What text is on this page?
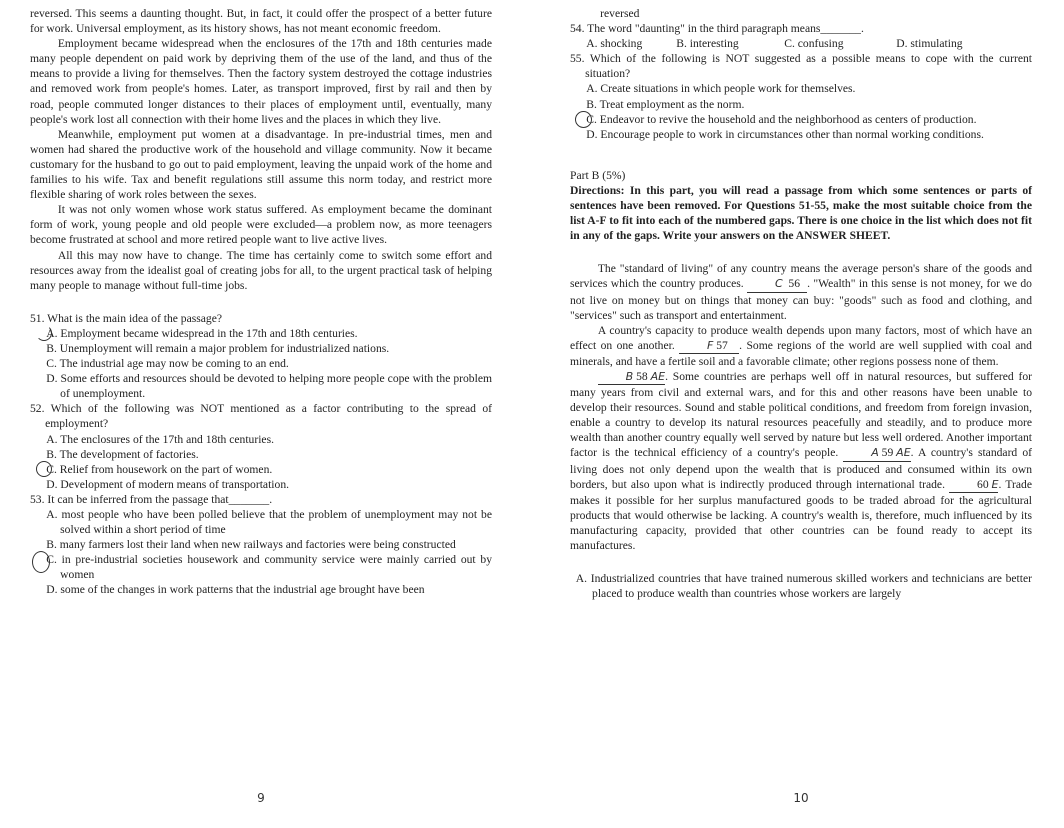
reversed. This seems a daunting thought. But, in fact, it could offer the prospect of a better future for work. Universal employment, as its history shows, has not meant economic freedom.

Employment became widespread when the enclosures of the 17th and 18th centuries made many people dependent on paid work by depriving them of the use of the land, and thus of the means to provide a living for themselves. Then the factory system destroyed the cottage industries and removed work from people's homes. Later, as transport improved, first by rail and then by road, people commuted longer distances to their places of employment until, eventually, many people's work lost all connection with their home lives and the places in which they live.

Meanwhile, employment put women at a disadvantage. In pre-industrial times, men and women had shared the productive work of the household and village community. Now it became customary for the husband to go out to paid employment, leaving the unpaid work of the home and families to his wife. Tax and benefit regulations still assume this norm today, and restrict more flexible sharing of work roles between the sexes.

It was not only women whose work status suffered. As employment became the dominant form of work, young people and old people were excluded—a problem now, as more teenagers become frustrated at school and more retired people want to live active lives.

All this may now have to change. The time has certainly come to switch some effort and resources away from the idealist goal of creating jobs for all, to the urgent practical task of helping many people to manage without full-time jobs.

51. What is the main idea of the passage?

A. Employment became widespread in the 17th and 18th centuries.

B. Unemployment will remain a major problem for industrialized nations.

C. The industrial age may now be coming to an end.

D. Some efforts and resources should be devoted to helping more people cope with the problem of unemployment.

52. Which of the following was NOT mentioned as a factor contributing to the spread of employment?

A. The enclosures of the 17th and 18th centuries.

B. The development of factories.

C. Relief from housework on the part of women.

D. Development of modern means of transportation.

53. It can be inferred from the passage that_______.

A. most people who have been polled believe that the problem of unemployment may not be solved within a short period of time

B. many farmers lost their land when new railways and factories were being constructed

C. in pre-industrial societies housework and community service were mainly carried out by women

D. some of the changes in work patterns that the industrial age brought have been

9

reversed

54. The word "daunting" in the third paragraph means_______.

A. shocking	B. interesting	C. confusing	D. stimulating

55. Which of the following is NOT suggested as a possible means to cope with the current situation?

A. Create situations in which people work for themselves.

B. Treat employment as the norm.

C. Endeavor to revive the household and the neighborhood as centers of production.

D. Encourage people to work in circumstances other than normal working conditions.

Part B (5%)

Directions: In this part, you will read a passage from which some sentences or parts of sentences have been removed. For Questions 51-55, make the most suitable choice from the list A-F to fit into each of the numbered gaps. There is one choice in the list which does not fit in any of the gaps. Write your answers on the ANSWER SHEET.

The "standard of living" of any country means the average person's share of the goods and services which the country produces.	C 56 . "Wealth" in this sense is not money, for we do not live on money but on things that money can buy: "goods" such as food and clothing, and "services" such as transport and entertainment.

A country's capacity to produce wealth depends upon many factors, most of which have an effect on one another.	F 57 . Some regions of the world are well supplied with coal and minerals, and have a fertile soil and a favorable climate; other regions possess none of them.

B 58 AE. Some countries are perhaps well off in natural resources, but suffered for many years from civil and external wars, and for this and other reasons have been unable to develop their resources. Sound and stable political conditions, and freedom from foreign invasion, enable a country to develop its natural resources peacefully and steadily, and to produce more wealth than another country equally well served by nature but less well ordered. Another important factor is the technical efficiency of a country's people.	A 59 AE. A country's standard of living does not only depend upon the wealth that is produced and consumed within its own borders, but also upon what is indirectly produced through international trade.	60 E. Trade makes it possible for her surplus manufactured goods to be traded abroad for the agricultural products that would otherwise be lacking. A country's wealth is, therefore, much influenced by its manufacturing capacity, provided that other countries can be found ready to accept its manufactures.

A. Industrialized countries that have trained numerous skilled workers and technicians are better placed to produce wealth than countries whose workers are largely

10
